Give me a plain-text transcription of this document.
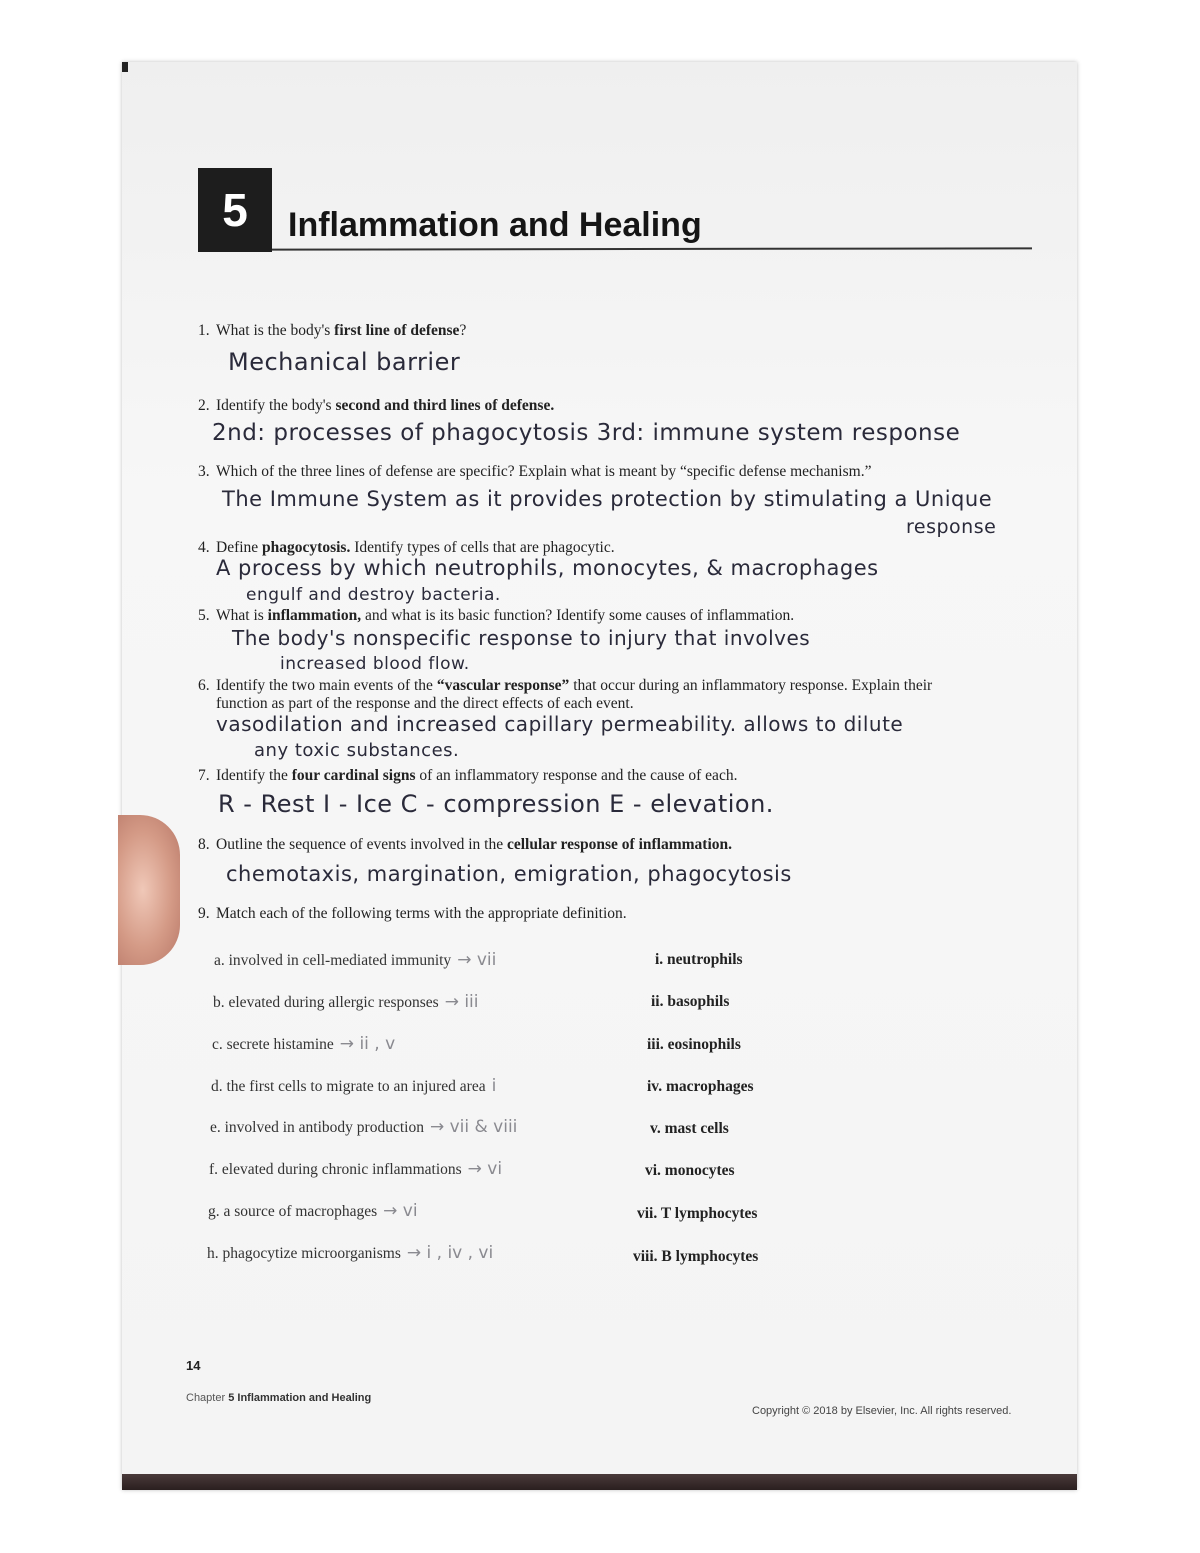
5	Inflammation and Healing
1. What is the body's first line of defense?
2. Identify the body's second and third lines of defense.
3. Which of the three lines of defense are specific? Explain what is meant by “specific defense mechanism.”
4. Define phagocytosis. Identify types of cells that are phagocytic.
5. What is inflammation, and what is its basic function? Identify some causes of inflammation.
6. Identify the two main events of the “vascular response” that occur during an inflammatory response. Explain their
function as part of the response and the direct effects of each event.
7. Identify the four cardinal signs of an inflammatory response and the cause of each.
8. Outline the sequence of events involved in the cellular response of inflammation.
9. Match each of the following terms with the appropriate definition.
Mechanical barrier
2nd: processes of phagocytosis 3rd: immune system response
The Immune System as it provides protection by stimulating a Unique
response
A process by which neutrophils, monocytes, & macrophages
engulf and destroy bacteria.
The body's nonspecific response to injury that involves
increased blood flow.
vasodilation and increased capillary permeability. allows to dilute
any toxic substances.
R - Rest I - Ice C - compression E - elevation.
chemotaxis, margination, emigration, phagocytosis
a. involved in cell-mediated immunity → vii
b. elevated during allergic responses → iii
c. secrete histamine → ii , v
d. the first cells to migrate to an injured area i
e. involved in antibody production → vii & viii
f. elevated during chronic inflammations → vi
g. a source of macrophages → vi
h. phagocytize microorganisms → i , iv , vi
i. neutrophils
ii. basophils
iii. eosinophils
iv. macrophages
v. mast cells
vi. monocytes
vii. T lymphocytes
viii. B lymphocytes
14
Chapter 5 Inflammation and Healing
Copyright © 2018 by Elsevier, Inc. All rights reserved.
